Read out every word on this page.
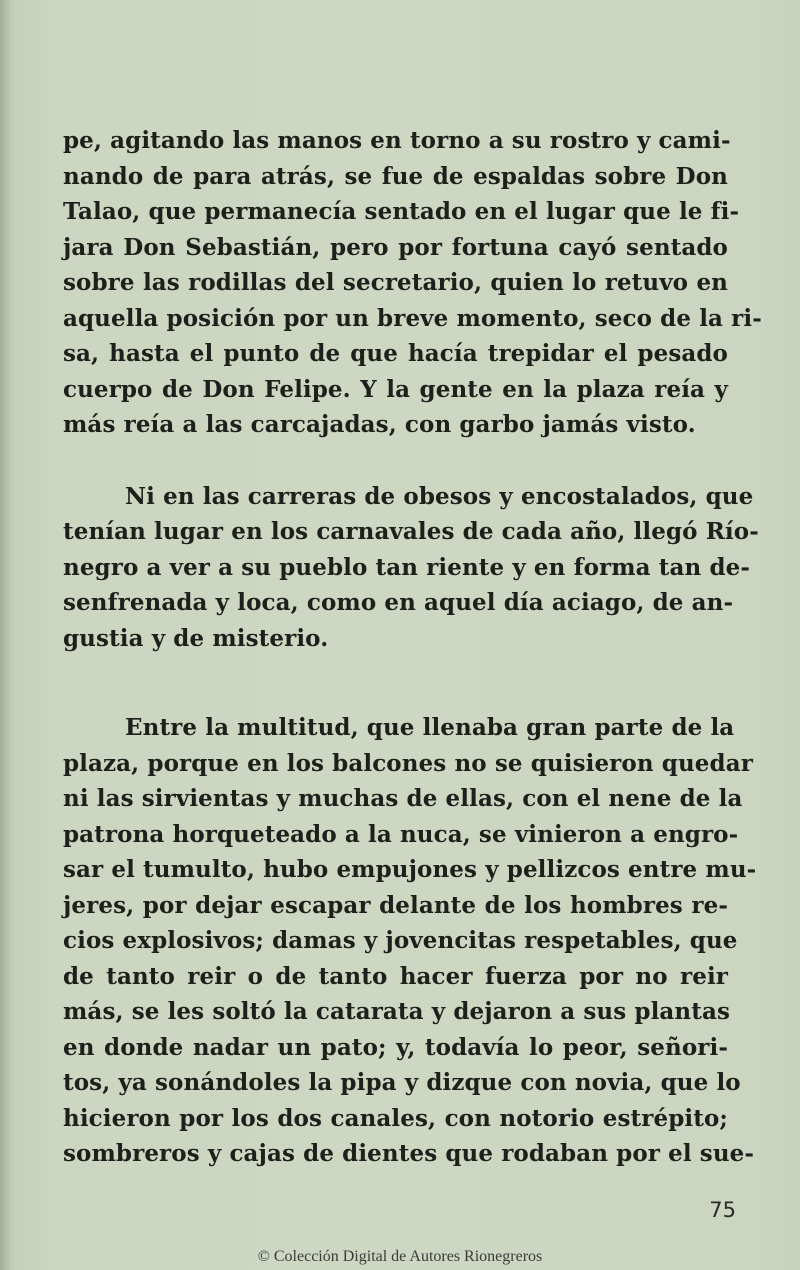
pe, agitando las manos en torno a su rostro y cami-
nando de para atrás, se fue de espaldas sobre Don
Talao, que permanecía sentado en el lugar que le fi-
jara Don Sebastián, pero por fortuna cayó sentado
sobre las rodillas del secretario, quien lo retuvo en
aquella posición por un breve momento, seco de la ri-
sa, hasta el punto de que hacía trepidar el pesado
cuerpo de Don Felipe. Y la gente en la plaza reía y
más reía a las carcajadas, con garbo jamás visto.
Ni en las carreras de obesos y encostalados, que
tenían lugar en los carnavales de cada año, llegó Río-
negro a ver a su pueblo tan riente y en forma tan de-
senfrenada y loca, como en aquel día aciago, de an-
gustia y de misterio.
Entre la multitud, que llenaba gran parte de la
plaza, porque en los balcones no se quisieron quedar
ni las sirvientas y muchas de ellas, con el nene de la
patrona horqueteado a la nuca, se vinieron a engro-
sar el tumulto, hubo empujones y pellizcos entre mu-
jeres, por dejar escapar delante de los hombres re-
cios explosivos; damas y jovencitas respetables, que
de tanto reir o de tanto hacer fuerza por no reir
más, se les soltó la catarata y dejaron a sus plantas
en donde nadar un pato; y, todavía lo peor, señori-
tos, ya sonándoles la pipa y dizque con novia, que lo
hicieron por los dos canales, con notorio estrépito;
sombreros y cajas de dientes que rodaban por el sue-
75
© Colección Digital de Autores Rionegreros
